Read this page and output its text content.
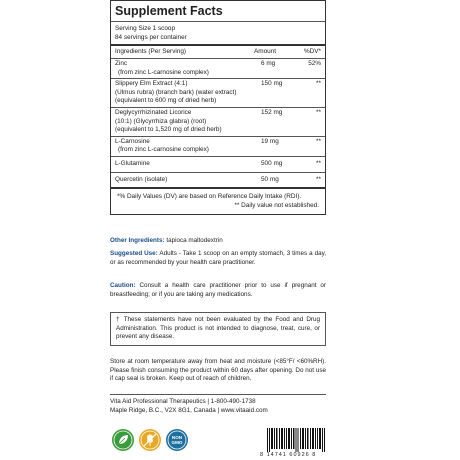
Supplement Facts
Serving Size 1 scoop
84 servings per container
Ingredients (Per Serving)	Amount	%DV*
Zinc
(from zinc L-carnosine complex)
6 mg	52%
Slippery Elm Extract (4:1)
(Ulmus rubra) (branch bark) (water extract)
(equivalent to 600 mg of dried herb)
150 mg	**
Deglycyrrhizinated Licorice
(10:1) (Glycyrrhiza glabra) (root)
(equivalent to 1,520 mg of dried herb)
152 mg	**
L-Carnosine
(from zinc L-carnosine complex)
19 mg	**
L-Glutamine	500 mg	**
Quercetin (isolate)	50 mg	**
*% Daily Values (DV) are based on Reference Daily Intake (RDI).
** Daily value not established.
Other Ingredients: tapioca maltodextrin
Suggested Use: Adults - Take 1 scoop on an empty stomach, 3 times a day, or as recommended by your health care practitioner.
Caution: Consult a health care practitioner prior to use if pregnant or breastfeeding; or if you are taking any medications.
† These statements have not been evaluated by the Food and Drug Administration. This product is not intended to diagnose, treat, cure, or prevent any disease.
Store at room temperature away from heat and moisture (<85°F/ <60%RH). Please finish consuming the product within 60 days after opening. Do not use if cap seal is broken. Keep out of reach of children.
Vita Aid Professional Therapeutics | 1-800-490-1738
Maple Ridge, B.C., V2X 8G1, Canada | www.vitaaid.com
NON
GMO
8 14741 60926 8
